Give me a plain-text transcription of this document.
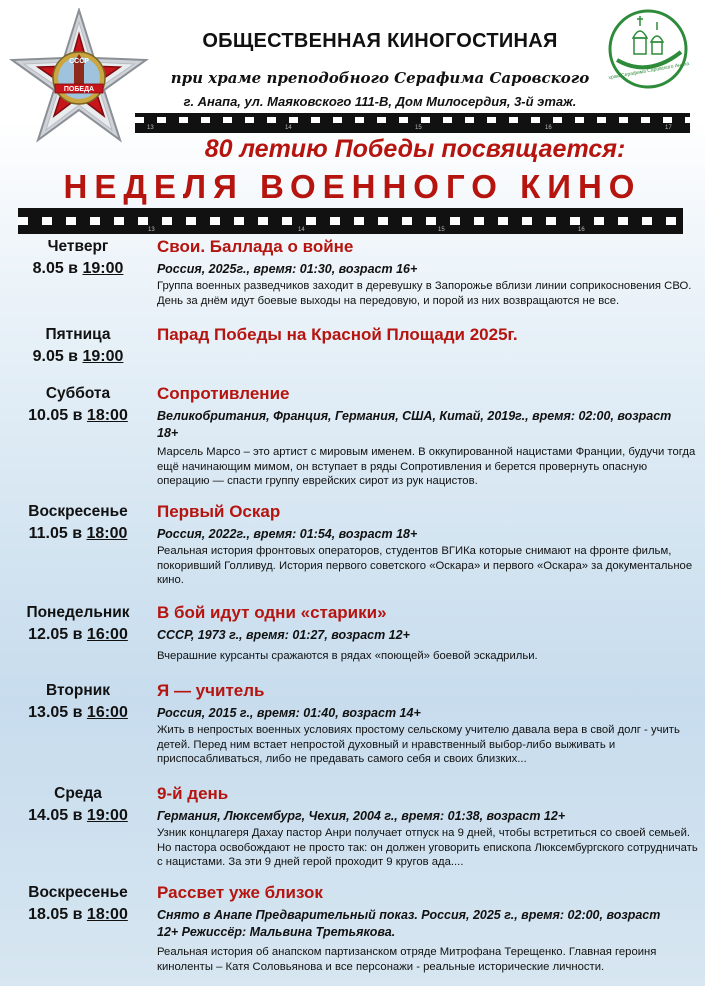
СССР
ПОБЕДА
храм Серафима Саровского Анапа
ОБЩЕСТВЕННАЯ КИНОГОСТИНАЯ
при храме преподобного Серафима Саровского
г. Анапа, ул. Маяковского 111-В, Дом Милосердия, 3-й этаж.
13	14	15	16	17
80 летию Победы посвящается:
НЕДЕЛЯ ВОЕННОГО КИНО
13	14	15	16
Четверг
8.05 в 19:00
Свои. Баллада о войне
Россия, 2025г., время: 01:30, возраст 16+
Группа военных разведчиков заходит в деревушку в Запорожье вблизи линии соприкосновения СВО. День за днём идут боевые выходы на передовую, и порой из них возвращаются не все.
Пятница
9.05 в 19:00
Парад Победы на Красной Площади 2025г.
Суббота
10.05 в 18:00
Сопротивление
Великобритания, Франция, Германия, США, Китай, 2019г., время: 02:00, возраст 18+
Марсель Марсо – это артист с мировым именем. В оккупированной нацистами Франции, будучи тогда ещё начинающим мимом, он вступает в ряды Сопротивления и берется провернуть опасную операцию — спасти группу еврейских сирот из рук нацистов.
Воскресенье
11.05 в 18:00
Первый Оскар
Россия, 2022г., время: 01:54, возраст 18+
Реальная история фронтовых операторов, студентов ВГИКа которые снимают на фронте фильм, покоривший Голливуд. История первого советского «Оскара» и первого «Оскара» за документальное кино.
Понедельник
12.05 в 16:00
В бой идут одни «старики»
СССР, 1973 г., время: 01:27, возраст 12+
Вчерашние курсанты сражаются в рядах «поющей» боевой эскадрильи.
Вторник
13.05 в 16:00
Я — учитель
Россия, 2015 г., время: 01:40, возраст 14+
Жить в непростых военных условиях простому сельскому учителю давала вера в свой долг - учить детей. Перед ним встает непростой духовный и нравственный выбор-либо выживать и приспосабливаться, либо не предавать самого себя и своих близких...
Среда
14.05 в 19:00
9-й день
Германия, Люксембург, Чехия, 2004 г., время: 01:38, возраст 12+
Узник концлагеря Дахау пастор Анри получает отпуск на 9 дней, чтобы встретиться со своей семьей. Но пастора освобождают не просто так: он должен уговорить епископа Люксембургского сотрудничать с нацистами. За эти 9 дней герой проходит 9 кругов ада....
Воскресенье
18.05 в 18:00
Рассвет уже близок
Снято в Анапе Предварительный показ. Россия, 2025 г., время: 02:00, возраст 12+ Режиссёр: Мальвина Третьякова.
Реальная история об анапском партизанском отряде Митрофана Терещенко. Главная героиня киноленты – Катя Соловьянова и все персонажи - реальные исторические личности.
